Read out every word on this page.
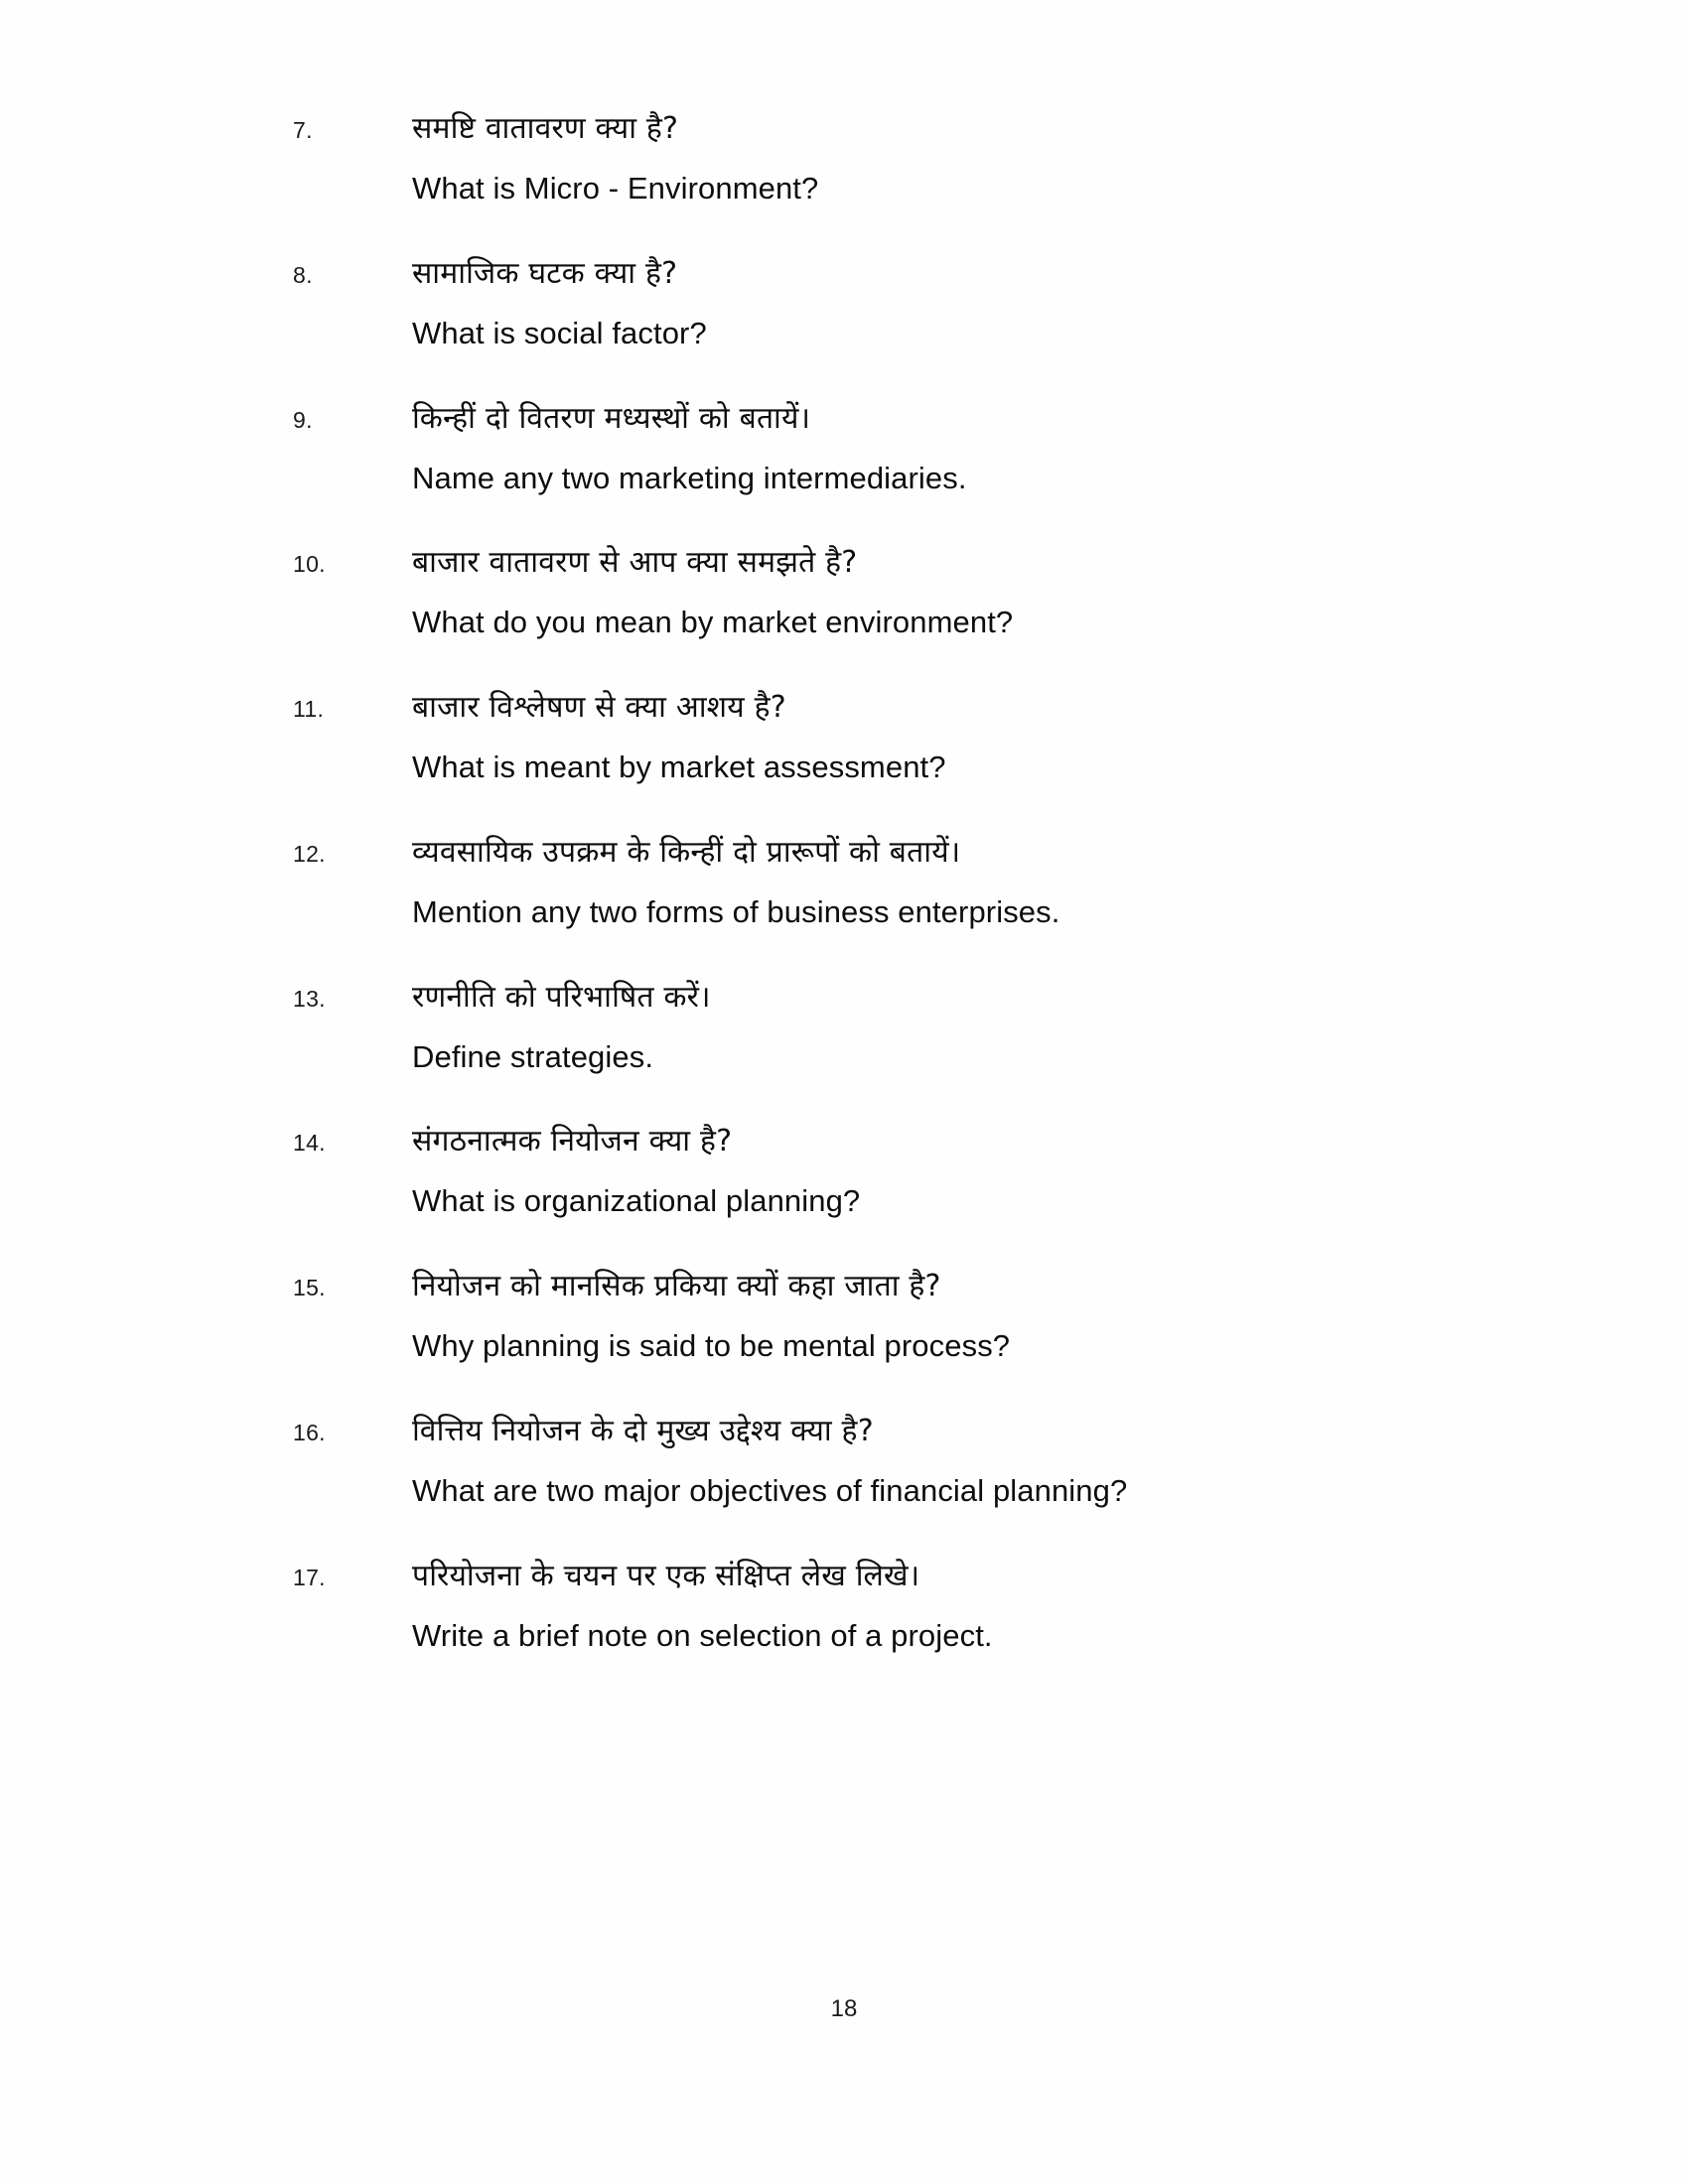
7.	समष्टि वातावरण क्या है?
What is Micro - Environment?
8.	सामाजिक घटक क्या है?
What is social factor?
9.	किन्हीं दो वितरण मध्यस्थों को बतायें।
Name any two marketing intermediaries.
10.	बाजार वातावरण से आप क्या समझते है?
What do you mean by market environment?
11.	बाजार विश्लेषण से क्या आशय है?
What is meant by market assessment?
12.	व्यवसायिक उपक्रम के किन्हीं दो प्रारूपों को बतायें।
Mention any two forms of business enterprises.
13.	रणनीति को परिभाषित करें।
Define strategies.
14.	संगठनात्मक नियोजन क्या है?
What is organizational planning?
15.	नियोजन को मानसिक प्रकिया क्यों कहा जाता है?
Why planning is said to be mental process?
16.	वित्तिय नियोजन के दो मुख्य उद्देश्य क्या है?
What are two major objectives of financial planning?
17.	परियोजना के चयन पर एक संक्षिप्त लेख लिखे।
Write a brief note on selection of a project.
18
